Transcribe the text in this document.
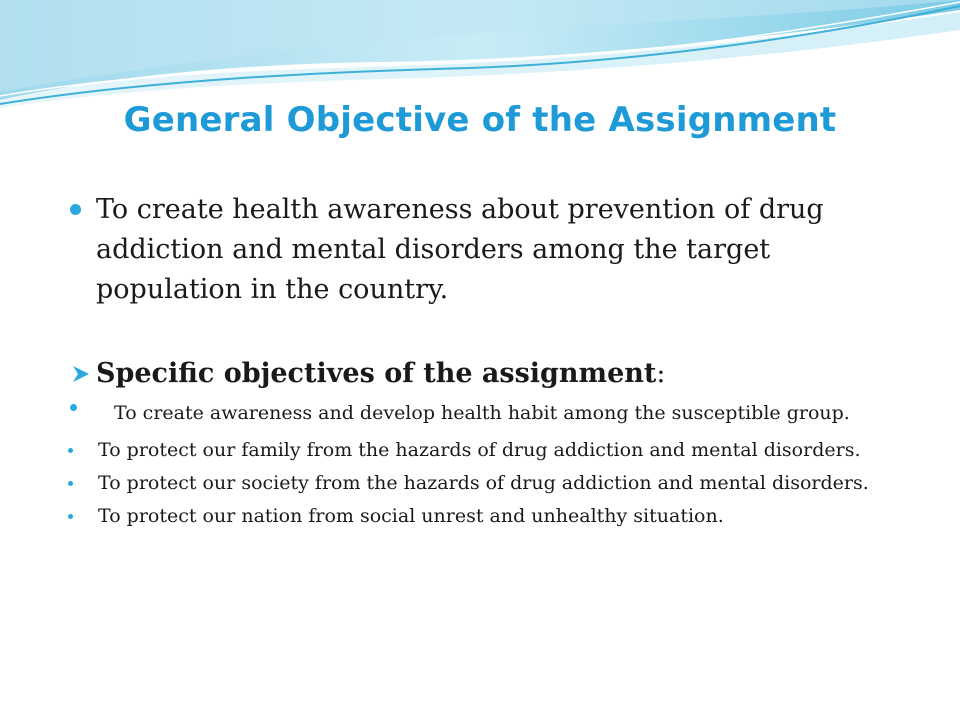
General Objective of the Assignment

To create health awareness about prevention of drug addiction and mental disorders among the target population in the country.

Specific objectives of the assignment:
To create awareness and develop health habit among the susceptible group.
To protect our family from the hazards of drug addiction and mental disorders.
To protect our society from the hazards of drug addiction and mental disorders.
To protect our nation from social unrest and unhealthy situation.
